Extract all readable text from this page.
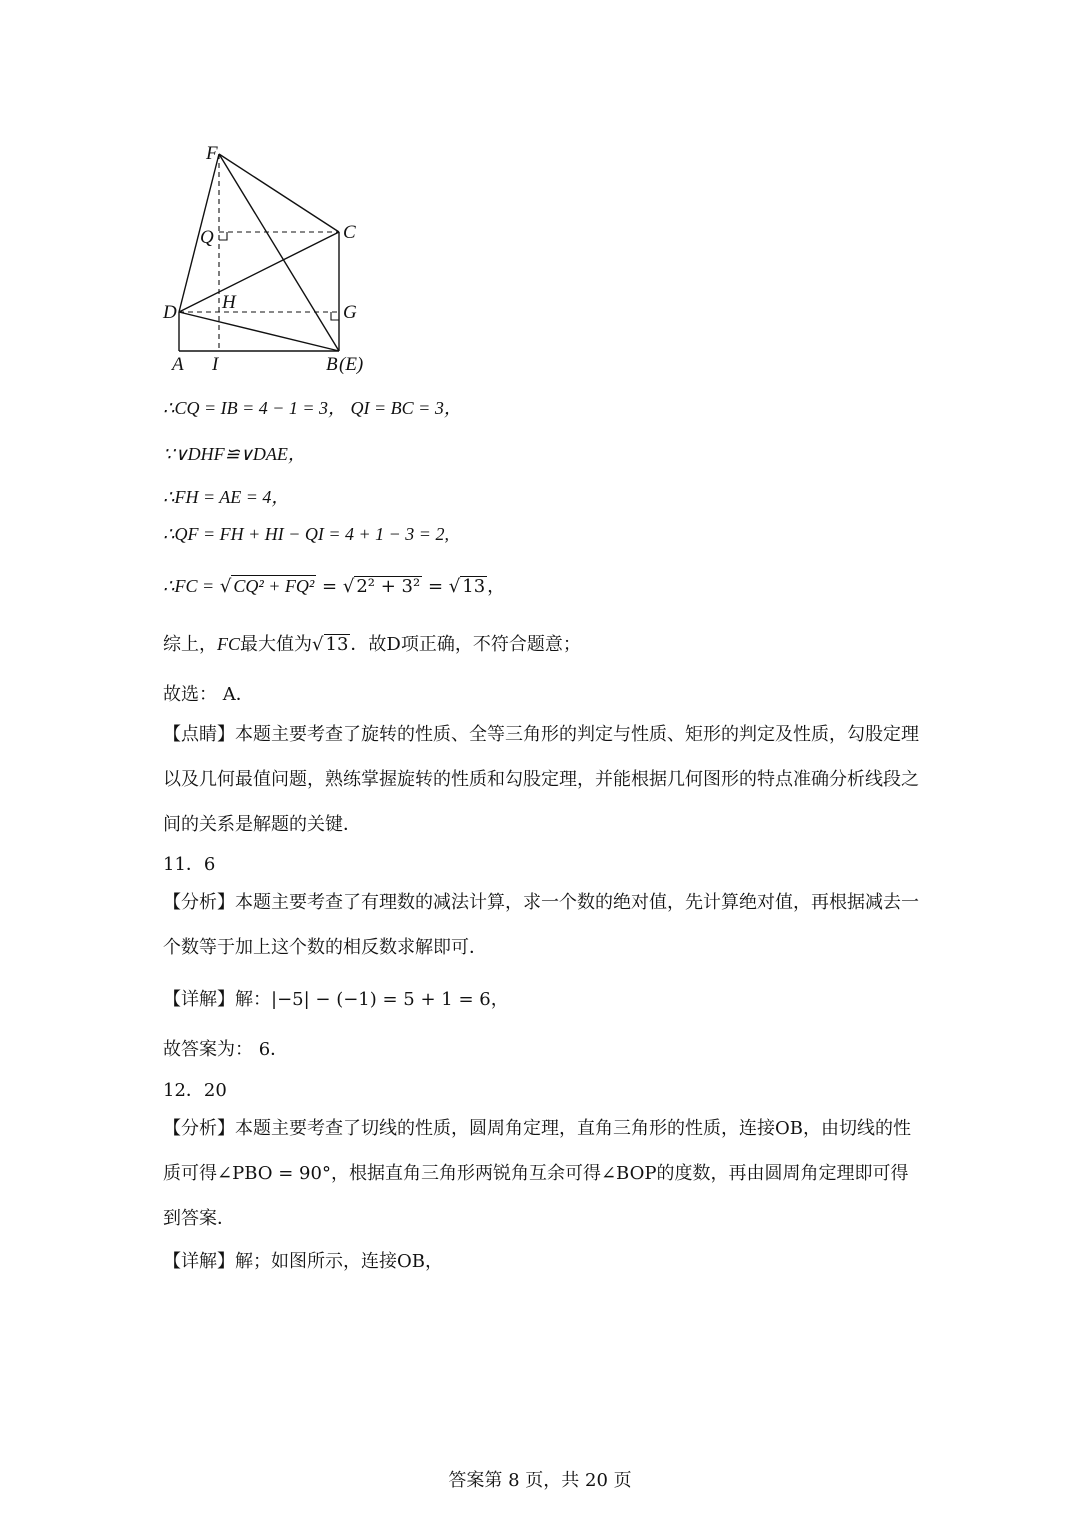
F
Q	C
H
D	G
A I	B (E)
∴CQ = IB = 4 − 1 = 3， QI = BC = 3，
∵∨DHF≌∨DAE，
∴FH = AE = 4，
∴QF = FH + HI − QI = 4 + 1 − 3 = 2,
∴FC = √ CQ² + FQ² = √ 2² + 3² = √ 13 ，
综上，FC最大值为√ 13 ．故D项正确，不符合题意；
故选： A．
【点睛】本题主要考查了旋转的性质、全等三角形的判定与性质、矩形的判定及性质，勾股定理以及几何最值问题，熟练掌握旋转的性质和勾股定理，并能根据几何图形的特点准确分析线段之间的关系是解题的关键．
11．6
【分析】本题主要考查了有理数的减法计算，求一个数的绝对值，先计算绝对值，再根据减去一个数等于加上这个数的相反数求解即可．
【详解】解：|−5| − (−1) = 5 + 1 = 6，
故答案为： 6．
12．20
【分析】本题主要考查了切线的性质，圆周角定理，直角三角形的性质，连接OB，由切线的性质可得∠PBO = 90°，根据直角三角形两锐角互余可得∠BOP的度数，再由圆周角定理即可得到答案．
【详解】解；如图所示，连接OB，
答案第 8 页，共 20 页
